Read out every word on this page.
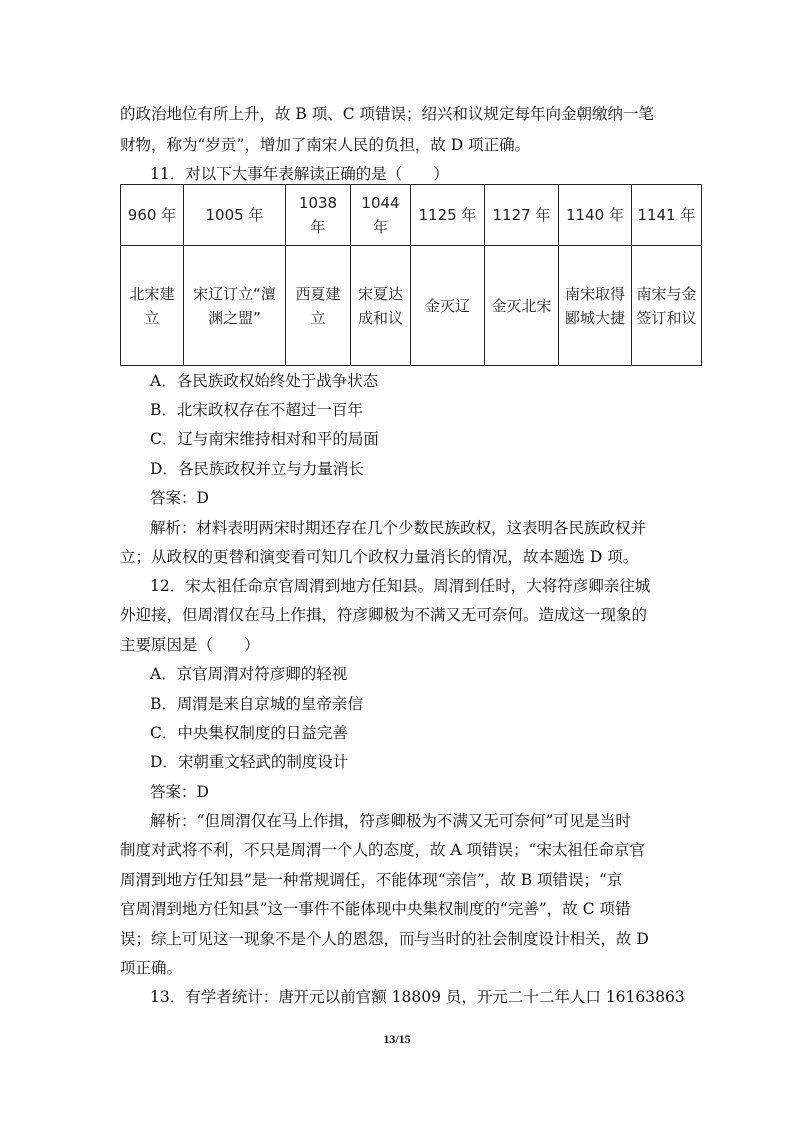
的政治地位有所上升，故 B 项、C 项错误；绍兴和议规定每年向金朝缴纳一笔
财物，称为“岁贡”，增加了南宋人民的负担，故 D 项正确。
11．对以下大事年表解读正确的是（　　）
960 年	1005 年	1038 年	1044 年	1125 年	1127 年	1140 年	1141 年
北宋建立	宋辽订立“澶渊之盟”	西夏建立	宋夏达成和议	金灭辽	金灭北宋	南宋取得郾城大捷	南宋与金签订和议
A．各民族政权始终处于战争状态
B．北宋政权存在不超过一百年
C．辽与南宋维持相对和平的局面
D．各民族政权并立与力量消长
答案：D
解析：材料表明两宋时期还存在几个少数民族政权，这表明各民族政权并
立；从政权的更替和演变看可知几个政权力量消长的情况，故本题选 D 项。
12．宋太祖任命京官周渭到地方任知县。周渭到任时，大将符彦卿亲往城
外迎接，但周渭仅在马上作揖，符彦卿极为不满又无可奈何。造成这一现象的
主要原因是（　　）
A．京官周渭对符彦卿的轻视
B．周渭是来自京城的皇帝亲信
C．中央集权制度的日益完善
D．宋朝重文轻武的制度设计
答案：D
解析：“但周渭仅在马上作揖，符彦卿极为不满又无可奈何”可见是当时
制度对武将不利，不只是周渭一个人的态度，故 A 项错误；“宋太祖任命京官
周渭到地方任知县”是一种常规调任，不能体现“亲信”，故 B 项错误；“京
官周渭到地方任知县”这一事件不能体现中央集权制度的“完善”，故 C 项错
误；综上可见这一现象不是个人的恩怨，而与当时的社会制度设计相关，故 D
项正确。
13．有学者统计：唐开元以前官额 18809 员，开元二十二年人口 16163863
13/15
